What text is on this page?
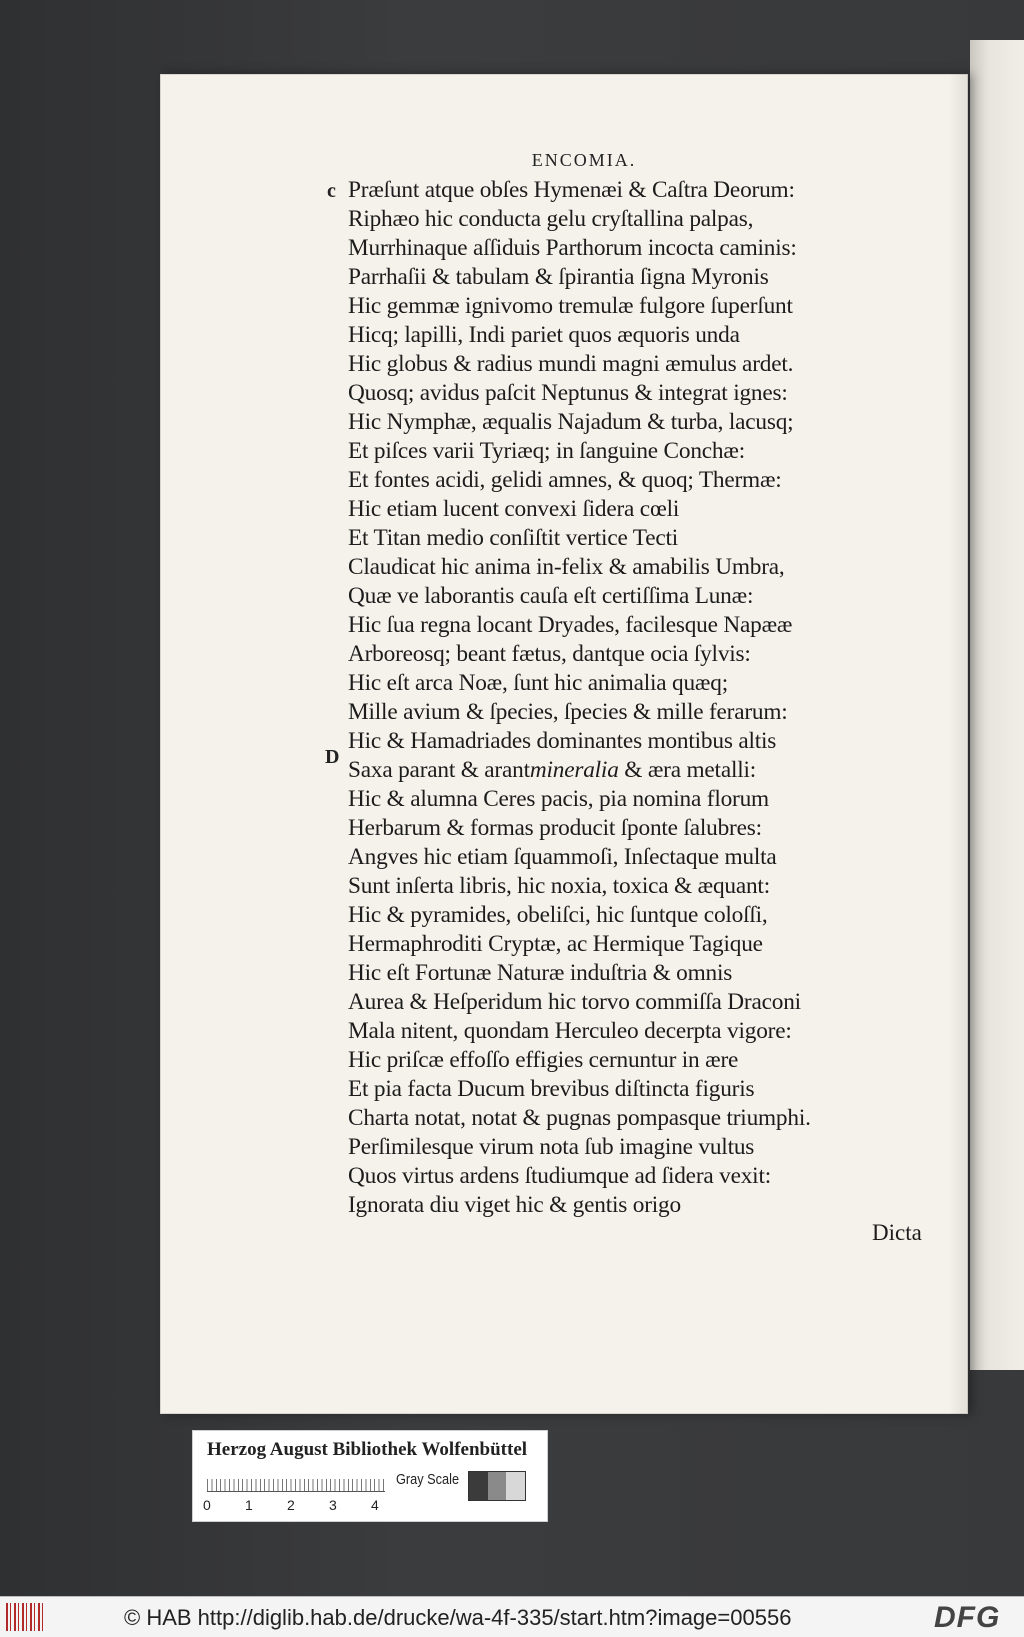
ENCOMIA.
c
D
Præſunt atque obſes Hymenæi & Caſtra Deorum:
Riphæo hic conducta gelu cryſtallina palpas,
Murrhinaque aſſiduis Parthorum incocta caminis:
Parrhaſii & tabulam & ſpirantia ſigna Myronis
Hic gemmæ ignivomo tremulæ fulgore ſuperſunt
Hicq; lapilli, Indi pariet quos æquoris unda
Hic globus & radius mundi magni æmulus ardet.
Quosq; avidus paſcit Neptunus & integrat ignes:
Hic Nymphæ, æqualis Najadum & turba, lacusq;
Et piſces varii Tyriæq; in ſanguine Conchæ:
Et fontes acidi, gelidi amnes, & quoq; Thermæ:
Hic etiam lucent convexi ſidera cœli
Et Titan medio conſiſtit vertice Tecti
Claudicat hic anima in-felix & amabilis Umbra,
Quæ ve laborantis cauſa eſt certiſſima Lunæ:
Hic ſua regna locant Dryades, facilesque Napææ
Arboreosq; beant fætus, dantque ocia ſylvis:
Hic eſt arca Noæ, ſunt hic animalia quæq;
Mille avium & ſpecies, ſpecies & mille ferarum:
Hic & Hamadriades dominantes montibus altis
Saxa parant & arantmineralia & æra metalli:
Hic & alumna Ceres pacis, pia nomina florum
Herbarum & formas producit ſponte ſalubres:
Angves hic etiam ſquammoſi, Inſectaque multa
Sunt inſerta libris, hic noxia, toxica & æquant:
Hic & pyramides, obeliſci, hic ſuntque coloſſi,
Hermaphroditi Cryptæ, ac Hermique Tagique
Hic eſt Fortunæ Naturæ induſtria & omnis
Aurea & Heſperidum hic torvo commiſſa Draconi
Mala nitent, quondam Herculeo decerpta vigore:
Hic priſcæ effoſſo effigies cernuntur in ære
Et pia facta Ducum brevibus diſtincta figuris
Charta notat, notat & pugnas pompasque triumphi.
Perſimilesque virum nota ſub imagine vultus
Quos virtus ardens ſtudiumque ad ſidera vexit:
Ignorata diu viget hic & gentis origo
Dicta
Herzog August Bibliothek Wolfenbüttel
0 1 2 3 4
Gray Scale
© HAB http://diglib.hab.de/drucke/wa-4f-335/start.htm?image=00556	DFG
